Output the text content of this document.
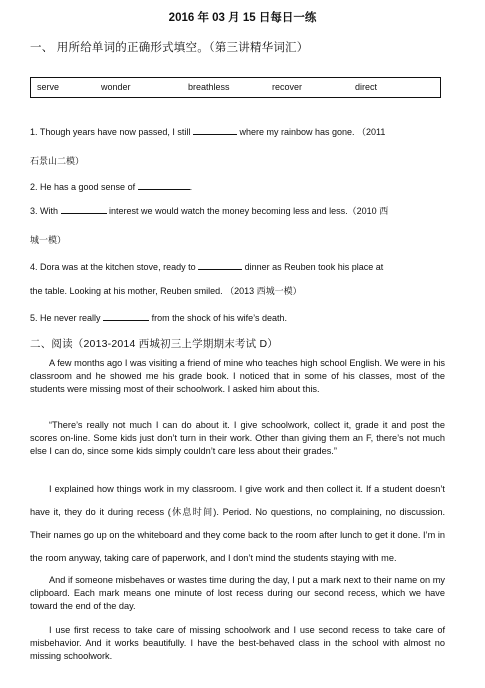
2016 年 03 月 15 日每日一练
一、 用所给单词的正确形式填空。（第三讲精华词汇）
serve	wonder	breathless	recover	direct
1. Though years have now passed, I still	where my rainbow has gone. （2011
石景山二模）
2. He has a good sense of	.
3. With	interest we would watch the money becoming less and less.（2010 西
城一模）
4. Dora was at the kitchen stove, ready to	dinner as Reuben took his place at
the table. Looking at his mother, Reuben smiled. （2013 西城一模）
5. He never really	from the shock of his wife’s death.
二、阅读（2013-2014 西城初三上学期期末考试 D）
A few months ago I was visiting a friend of mine who teaches high school English. We were in his classroom and he showed me his grade book. I noticed that in some of his classes, most of the students were missing most of their schoolwork. I asked him about this.
“There’s really not much I can do about it. I give schoolwork, collect it, grade it and post the scores on-line. Some kids just don’t turn in their work. Other than giving them an F, there’s not much else I can do, since some kids simply couldn’t care less about their grades.”
I explained how things work in my classroom. I give work and then collect it. If a student doesn’t have it, they do it during recess (休息时间). Period. No questions, no complaining, no discussion. Their names go up on the whiteboard and they come back to the room after lunch to get it done. I’m in the room anyway, taking care of paperwork, and I don’t mind the students staying with me.
And if someone misbehaves or wastes time during the day, I put a mark next to their name on my clipboard. Each mark means one minute of lost recess during our second recess, which we have toward the end of the day.
I use first recess to take care of missing schoolwork and I use second recess to take care of misbehavior. And it works beautifully. I have the best-behaved class in the school with almost no missing schoolwork.
